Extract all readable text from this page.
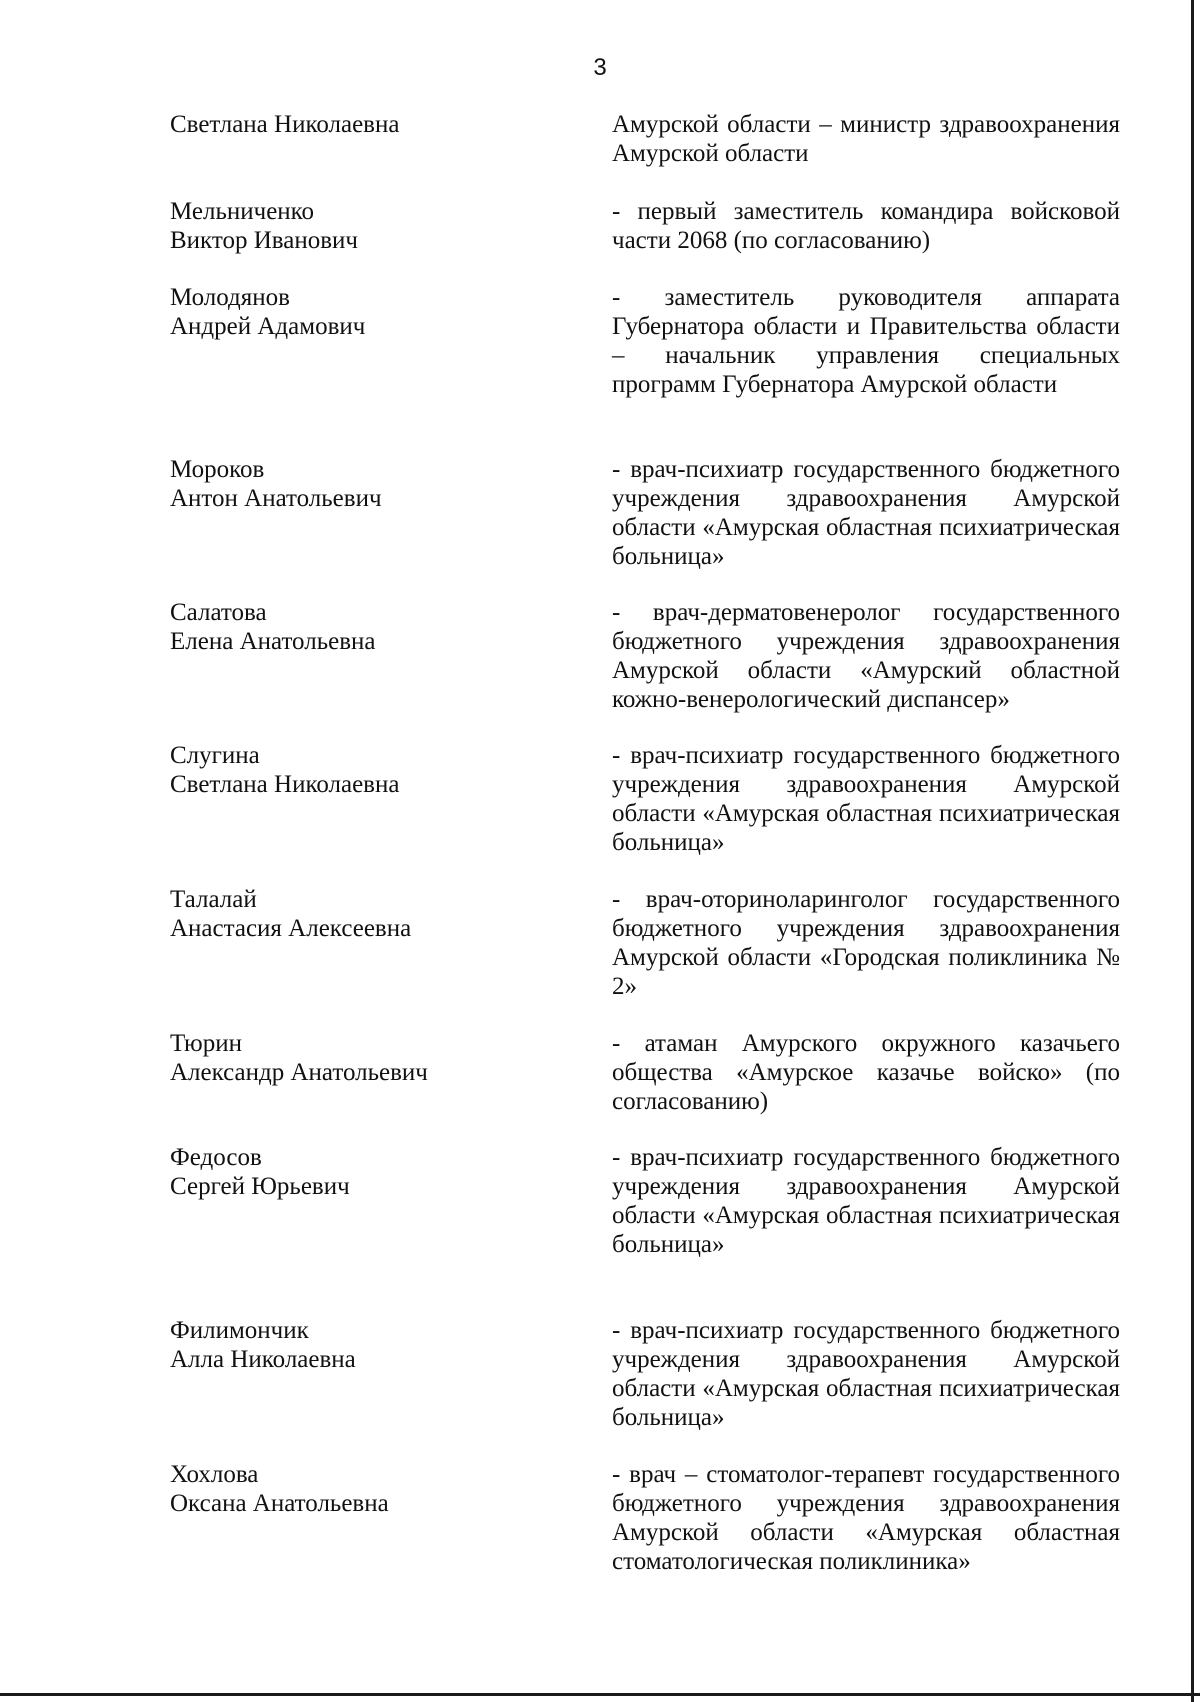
3
Светлана Николаевна	Амурской области – министр здравоохранения Амурской области
Мельниченко
Виктор Иванович
- первый заместитель командира войсковой части 2068 (по согласованию)
Молодянов
Андрей Адамович
- заместитель руководителя аппарата Губернатора области и Правительства области – начальник управления специальных программ Губернатора Амурской области
Мороков
Антон Анатольевич
- врач-психиатр государственного бюджетного учреждения здравоохранения Амурской области «Амурская областная психиатрическая больница»
Салатова
Елена Анатольевна
- врач-дерматовенеролог государственного бюджетного учреждения здравоохранения Амурской области «Амурский областной кожно-венерологический диспансер»
Слугина
Светлана Николаевна
- врач-психиатр государственного бюджетного учреждения здравоохранения Амурской области «Амурская областная психиатрическая больница»
Талалай
Анастасия Алексеевна
- врач-оториноларинголог государственного бюджетного учреждения здравоохранения Амурской области «Городская поликлиника № 2»
Тюрин
Александр Анатольевич
- атаман Амурского окружного казачьего общества «Амурское казачье войско» (по согласованию)
Федосов
Сергей Юрьевич
- врач-психиатр государственного бюджетного учреждения здравоохранения Амурской области «Амурская областная психиатрическая больница»
Филимончик
Алла Николаевна
- врач-психиатр государственного бюджетного учреждения здравоохранения Амурской области «Амурская областная психиатрическая больница»
Хохлова
Оксана Анатольевна
- врач – стоматолог-терапевт государственного бюджетного учреждения здравоохранения Амурской области «Амурская областная стоматологическая поликлиника»
